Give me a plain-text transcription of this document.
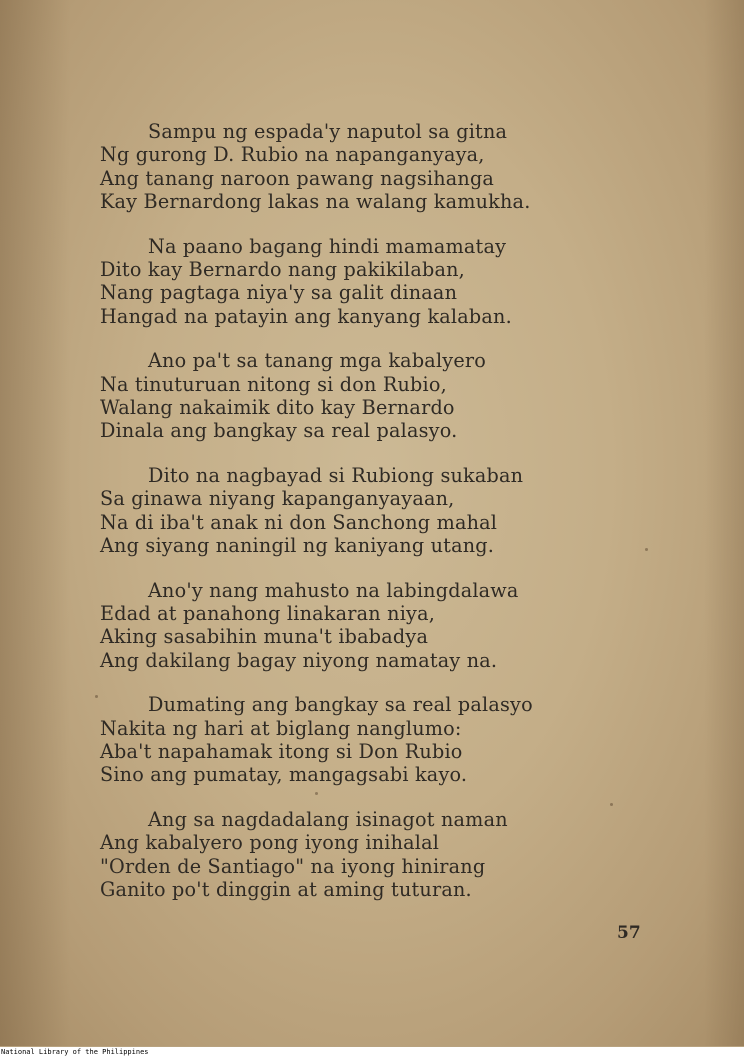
Sampu ng espada'y naputol sa gitna
Ng gurong D. Rubio na napanganyaya,
Ang tanang naroon pawang nagsihanga
Kay Bernardong lakas na walang kamukha.
Na paano bagang hindi mamamatay
Dito kay Bernardo nang pakikilaban,
Nang pagtaga niya'y sa galit dinaan
Hangad na patayin ang kanyang kalaban.
Ano pa't sa tanang mga kabalyero
Na tinuturuan nitong si don Rubio,
Walang nakaimik dito kay Bernardo
Dinala ang bangkay sa real palasyo.
Dito na nagbayad si Rubiong sukaban
Sa ginawa niyang kapanganyayaan,
Na di iba't anak ni don Sanchong mahal
Ang siyang naningil ng kaniyang utang.
Ano'y nang mahusto na labingdalawa
Edad at panahong linakaran niya,
Aking sasabihin muna't ibabadya
Ang dakilang bagay niyong namatay na.
Dumating ang bangkay sa real palasyo
Nakita ng hari at biglang nanglumo:
Aba't napahamak itong si Don Rubio
Sino ang pumatay, mangagsabi kayo.
Ang sa nagdadalang isinagot naman
Ang kabalyero pong iyong inihalal
"Orden de Santiago" na iyong hinirang
Ganito po't dinggin at aming tuturan.
57
National Library of the Philippines
